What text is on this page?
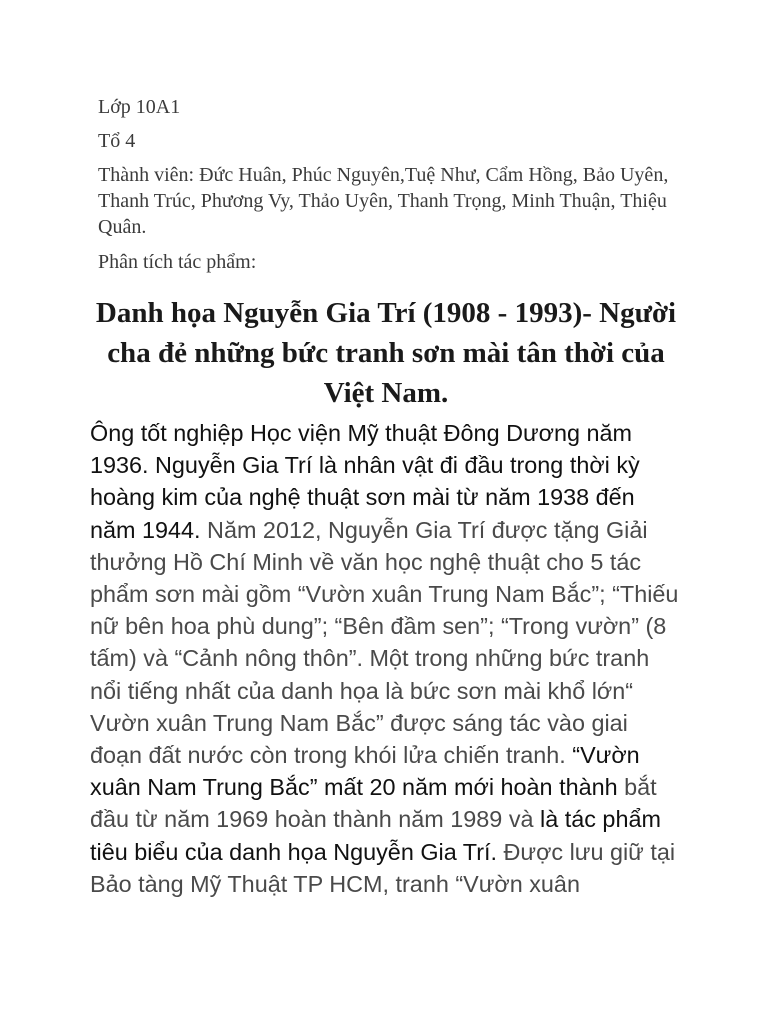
Lớp 10A1

Tổ 4

Thành viên: Đức Huân, Phúc Nguyên,Tuệ Như, Cẩm Hồng, Bảo Uyên, Thanh Trúc, Phương Vy, Thảo Uyên, Thanh Trọng, Minh Thuận, Thiệu Quân.

Phân tích tác phẩm:

Danh họa Nguyễn Gia Trí (1908 - 1993)- Người cha đẻ những bức tranh sơn mài tân thời của Việt Nam.

Ông tốt nghiệp Học viện Mỹ thuật Đông Dương năm 1936. Nguyễn Gia Trí là nhân vật đi đầu trong thời kỳ hoàng kim của nghệ thuật sơn mài từ năm 1938 đến năm 1944. Năm 2012, Nguyễn Gia Trí được tặng Giải thưởng Hồ Chí Minh về văn học nghệ thuật cho 5 tác phẩm sơn mài gồm “Vườn xuân Trung Nam Bắc”; “Thiếu nữ bên hoa phù dung”; “Bên đầm sen”; “Trong vườn” (8 tấm) và “Cảnh nông thôn”. Một trong những bức tranh nổi tiếng nhất của danh họa là bức sơn mài khổ lớn“ Vườn xuân Trung Nam Bắc” được sáng tác vào giai đoạn đất nước còn trong khói lửa chiến tranh. “Vườn xuân Nam Trung Bắc” mất 20 năm mới hoàn thành bắt đầu từ năm 1969 hoàn thành năm 1989 và là tác phẩm tiêu biểu của danh họa Nguyễn Gia Trí. Được lưu giữ tại Bảo tàng Mỹ Thuật TP HCM, tranh “Vườn xuân
